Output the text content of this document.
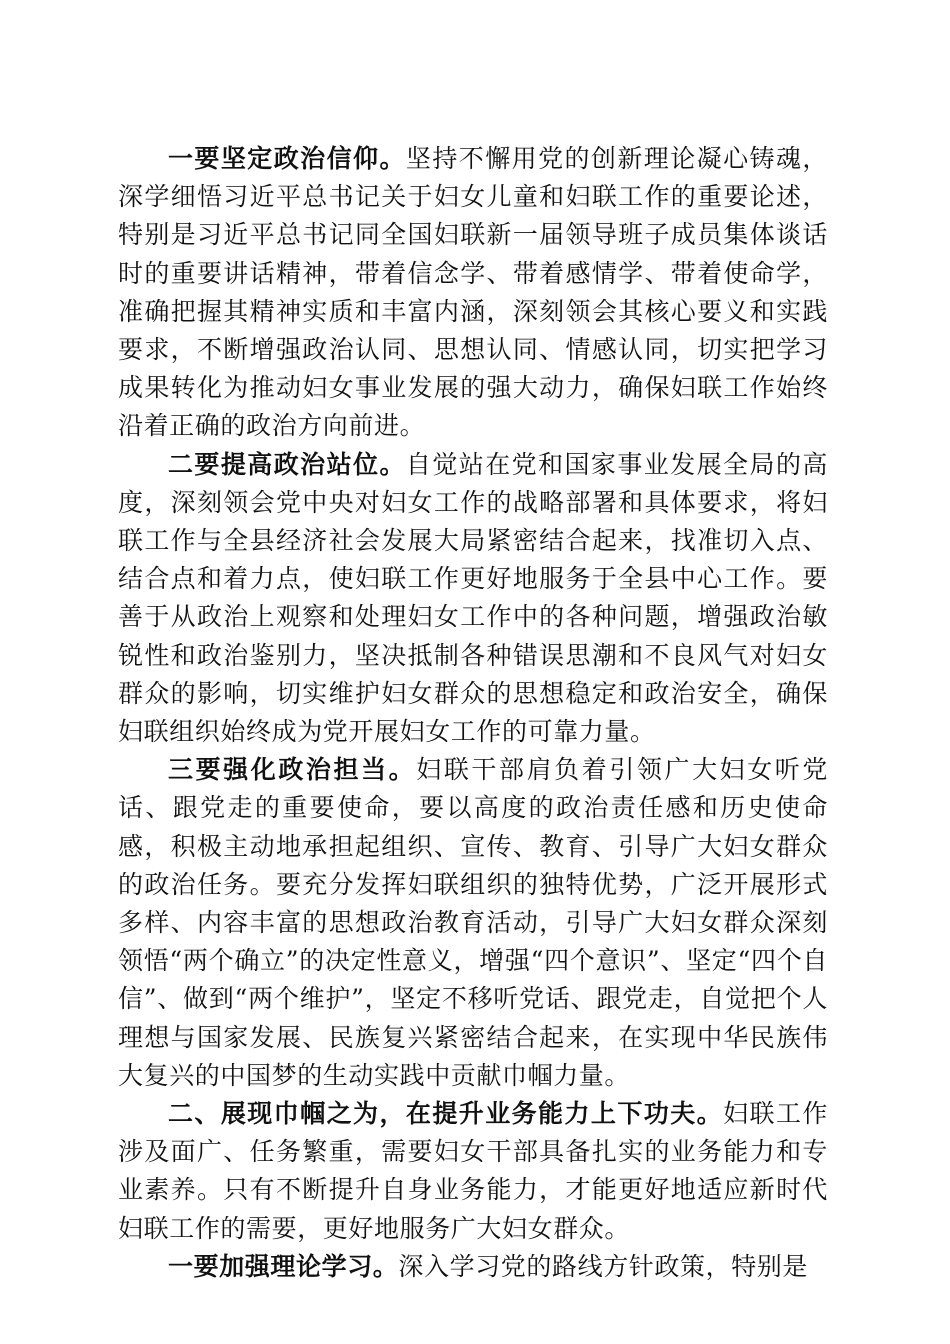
一要坚定政治信仰。坚持不懈用党的创新理论凝心铸魂，深学细悟习近平总书记关于妇女儿童和妇联工作的重要论述，特别是习近平总书记同全国妇联新一届领导班子成员集体谈话时的重要讲话精神，带着信念学、带着感情学、带着使命学，准确把握其精神实质和丰富内涵，深刻领会其核心要义和实践要求，不断增强政治认同、思想认同、情感认同，切实把学习成果转化为推动妇女事业发展的强大动力，确保妇联工作始终沿着正确的政治方向前进。

二要提高政治站位。自觉站在党和国家事业发展全局的高度，深刻领会党中央对妇女工作的战略部署和具体要求，将妇联工作与全县经济社会发展大局紧密结合起来，找准切入点、结合点和着力点，使妇联工作更好地服务于全县中心工作。要善于从政治上观察和处理妇女工作中的各种问题，增强政治敏锐性和政治鉴别力，坚决抵制各种错误思潮和不良风气对妇女群众的影响，切实维护妇女群众的思想稳定和政治安全，确保妇联组织始终成为党开展妇女工作的可靠力量。

三要强化政治担当。妇联干部肩负着引领广大妇女听党话、跟党走的重要使命，要以高度的政治责任感和历史使命感，积极主动地承担起组织、宣传、教育、引导广大妇女群众的政治任务。要充分发挥妇联组织的独特优势，广泛开展形式多样、内容丰富的思想政治教育活动，引导广大妇女群众深刻领悟“两个确立”的决定性意义，增强“四个意识”、坚定“四个自信”、做到“两个维护”，坚定不移听党话、跟党走，自觉把个人理想与国家发展、民族复兴紧密结合起来，在实现中华民族伟大复兴的中国梦的生动实践中贡献巾帼力量。

二、展现巾帼之为，在提升业务能力上下功夫。妇联工作涉及面广、任务繁重，需要妇女干部具备扎实的业务能力和专业素养。只有不断提升自身业务能力，才能更好地适应新时代妇联工作的需要，更好地服务广大妇女群众。

一要加强理论学习。深入学习党的路线方针政策，特别是
